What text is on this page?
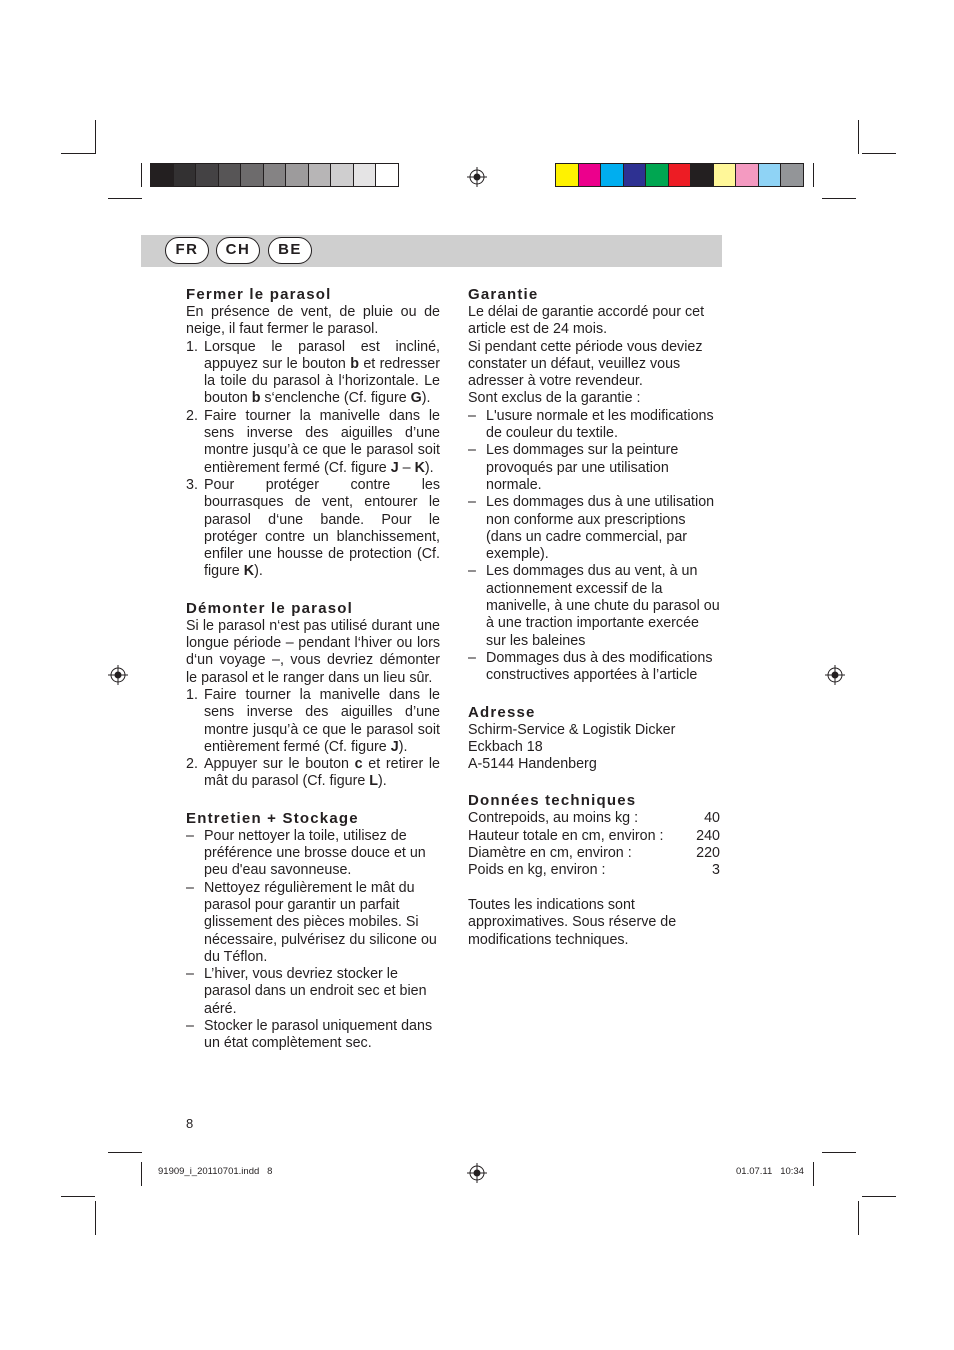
FR	CH	BE
Fermer le parasol

En présence de vent, de pluie ou de neige, il faut fermer le parasol.

1. Lorsque le parasol est incliné, appuyez sur le bouton b et redresser la toile du parasol à l‘horizontale. Le bouton b s‘enclenche (Cf. figure G).
2. Faire tourner la manivelle dans le sens inverse des aiguilles d’une montre jusqu’à ce que le parasol soit entièrement fermé (Cf. figure J – K).
3. Pour protéger contre les bourrasques de vent, entourer le parasol d‘une bande. Pour le protéger contre un blanchissement, enfiler une housse de protection (Cf. figure K).
Démonter le parasol

Si le parasol n‘est pas utilisé durant une longue période – pendant l‘hiver ou lors d‘un voyage –, vous devriez démonter le parasol et le ranger dans un lieu sûr.

1. Faire tourner la manivelle dans le sens inverse des aiguilles d’une montre jusqu’à ce que le parasol soit entièrement fermé (Cf. figure J).
2. Appuyer sur le bouton c et retirer le mât du parasol (Cf. figure L).
Entretien + Stockage
– Pour nettoyer la toile, utilisez de préférence une brosse douce et un peu d'eau savonneuse.
– Nettoyez régulièrement le mât du parasol pour garantir un parfait glissement des pièces mobiles. Si nécessaire, pulvérisez du silicone ou du Téflon.
– L’hiver, vous devriez stocker le parasol dans un endroit sec et bien aéré.
– Stocker le parasol uniquement dans un état complètement sec.
Garantie

Le délai de garantie accordé pour cet article est de 24 mois.

Si pendant cette période vous deviez constater un défaut, veuillez vous adresser à votre revendeur.

Sont exclus de la garantie :

– L'usure normale et les modifications de couleur du textile.
– Les dommages sur la peinture provoqués par une utilisation normale.
– Les dommages dus à une utilisation non conforme aux prescriptions (dans un cadre commercial, par exemple).
– Les dommages dus au vent, à un actionnement excessif de la manivelle, à une chute du parasol ou à une traction importante exercée sur les baleines
– Dommages dus à des modifications constructives apportées à l’article
Adresse

Schirm-Service & Logistik Dicker

Eckbach 18

A-5144 Handenberg

Données techniques
Contrepoids, au moins kg :	40
Hauteur totale en cm, environ : 240
Diamètre en cm, environ :	220
Poids en kg, environ :	3

Toutes les indications sont approximatives. Sous réserve de modifications techniques.

8
91909_i_20110701.indd   8	01.07.11   10:34
